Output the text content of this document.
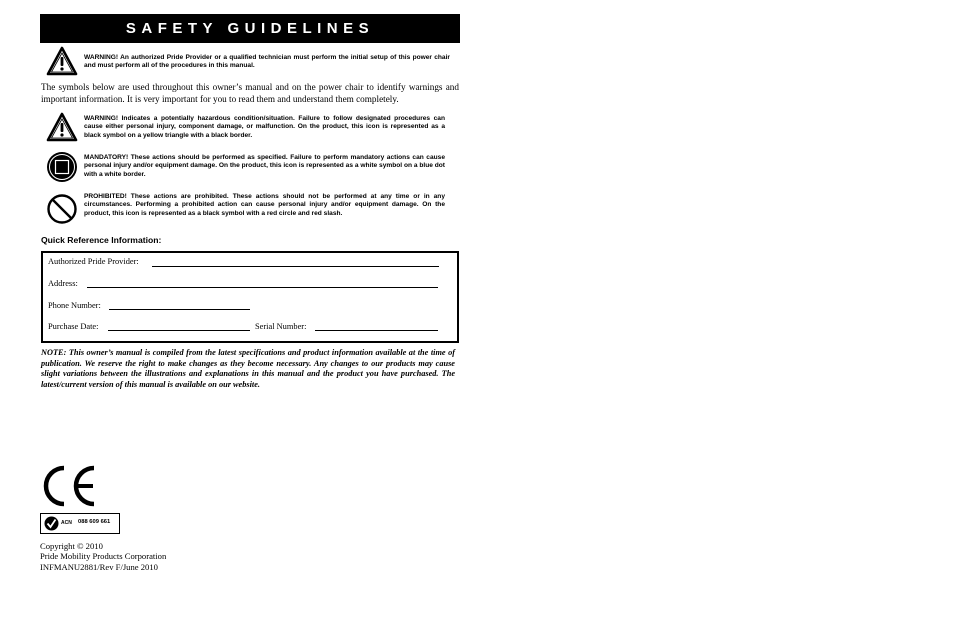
SAFETY GUIDELINES
WARNING! An authorized Pride Provider or a qualified technician must perform the initial setup of this power chair and must perform all of the procedures in this manual.
The symbols below are used throughout this owner’s manual and on the power chair to identify warnings and important information. It is very important for you to read them and understand them completely.
WARNING! Indicates a potentially hazardous condition/situation. Failure to follow designated procedures can cause either personal injury, component damage, or malfunction. On the product, this icon is represented as a black symbol on a yellow triangle with a black border.
MANDATORY! These actions should be performed as specified. Failure to perform mandatory actions can cause personal injury and/or equipment damage. On the product, this icon is represented as a white symbol on a blue dot with a white border.
PROHIBITED! These actions are prohibited. These actions should not be performed at any time or in any circumstances. Performing a prohibited action can cause personal injury and/or equipment damage. On the product, this icon is represented as a black symbol with a red circle and red slash.
Quick Reference Information:
Authorized Pride Provider:
Address:
Phone Number:
Purchase Date:	Serial Number:
NOTE: This owner’s manual is compiled from the latest specifications and product information available at the time of publication. We reserve the right to make changes as they become necessary. Any changes to our products may cause slight variations between the illustrations and explanations in this manual and the product you have purchased. The latest/current version of this manual is available on our website.
ACN 088 609 661
Copyright © 2010
Pride Mobility Products Corporation
INFMANU2881/Rev F/June 2010
